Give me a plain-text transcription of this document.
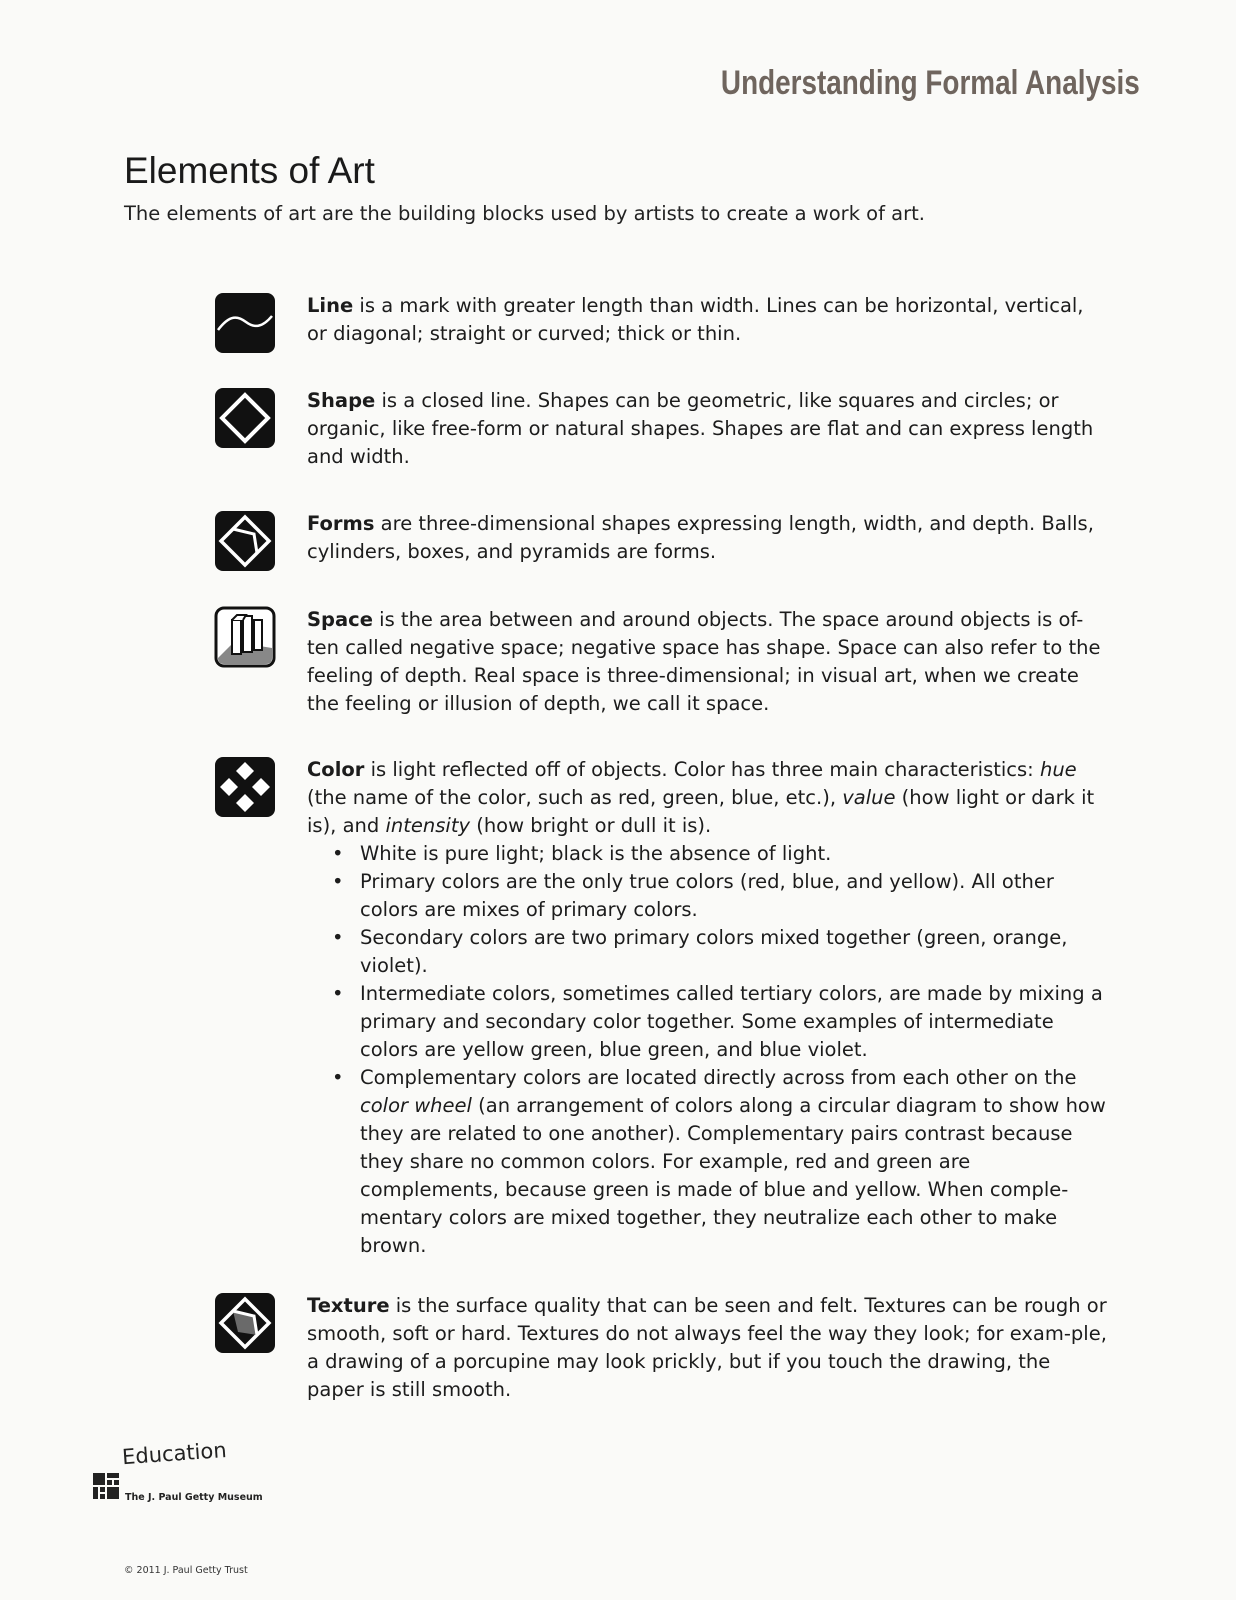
Understanding Formal Analysis
Elements of Art

The elements of art are the building blocks used by artists to create a work of art.

Line is a mark with greater length than width. Lines can be horizontal, vertical, or diagonal; straight or curved; thick or thin.

Shape is a closed line. Shapes can be geometric, like squares and circles; or organic, like free-form or natural shapes. Shapes are flat and can express length and width.

Forms are three-dimensional shapes expressing length, width, and depth. Balls, cylinders, boxes, and pyramids are forms.

Space is the area between and around objects. The space around objects is of-ten called negative space; negative space has shape. Space can also refer to the feeling of depth. Real space is three-dimensional; in visual art, when we create the feeling or illusion of depth, we call it space.

Color is light reflected off of objects. Color has three main characteristics: hue (the name of the color, such as red, green, blue, etc.), value (how light or dark it is), and intensity (how bright or dull it is).

• White is pure light; black is the absence of light.
• Primary colors are the only true colors (red, blue, and yellow). All other colors are mixes of primary colors.
• Secondary colors are two primary colors mixed together (green, orange, violet).
• Intermediate colors, sometimes called tertiary colors, are made by mixing a primary and secondary color together. Some examples of intermediate colors are yellow green, blue green, and blue violet.
• Complementary colors are located directly across from each other on the color wheel (an arrangement of colors along a circular diagram to show how they are related to one another). Complementary pairs contrast because they share no common colors. For example, red and green are complements, because green is made of blue and yellow. When comple-mentary colors are mixed together, they neutralize each other to make brown.

Texture is the surface quality that can be seen and felt. Textures can be rough or smooth, soft or hard. Textures do not always feel the way they look; for exam-ple, a drawing of a porcupine may look prickly, but if you touch the drawing, the paper is still smooth.

Education
The J. Paul Getty Museum
© 2011 J. Paul Getty Trust
